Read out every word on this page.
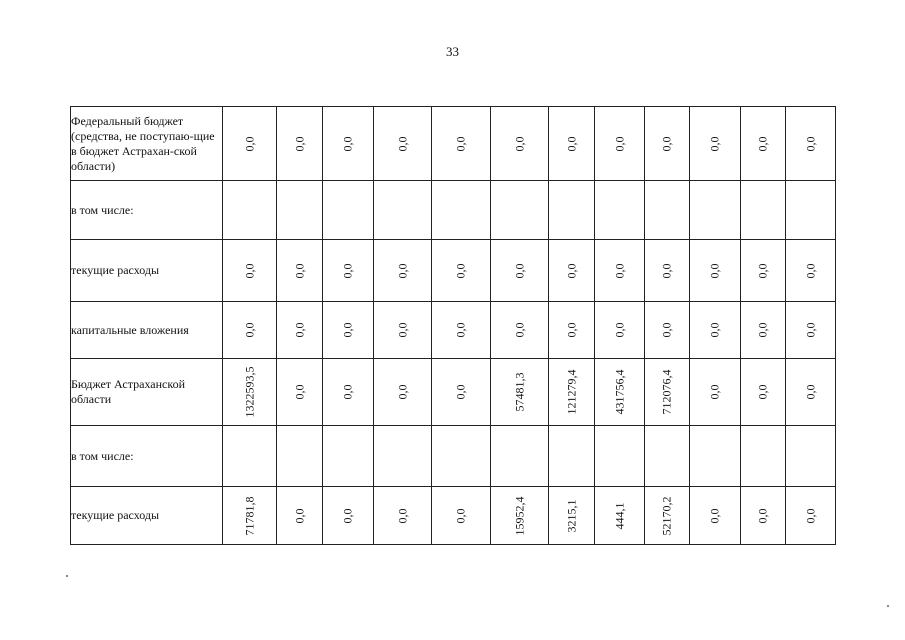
33
Федеральный бюджет (средства, не поступаю-щие в бюджет Астрахан-ской области)	0,0	0,0	0,0	0,0	0,0	0,0	0,0	0,0	0,0	0,0	0,0	0,0

в том числе:	

текущие расходы	0,0	0,0	0,0	0,0	0,0	0,0	0,0	0,0	0,0	0,0	0,0	0,0

капитальные вложения	0,0	0,0	0,0	0,0	0,0	0,0	0,0	0,0	0,0	0,0	0,0	0,0

Бюджет Астраханской области	1322593,5	0,0	0,0	0,0	0,0	57481,3	121279,4	431756,4	712076,4	0,0	0,0	0,0

в том числе:	

текущие расходы	71781,8	0,0	0,0	0,0	0,0	15952,4	3215,1	444,1	52170,2	0,0	0,0	0,0
